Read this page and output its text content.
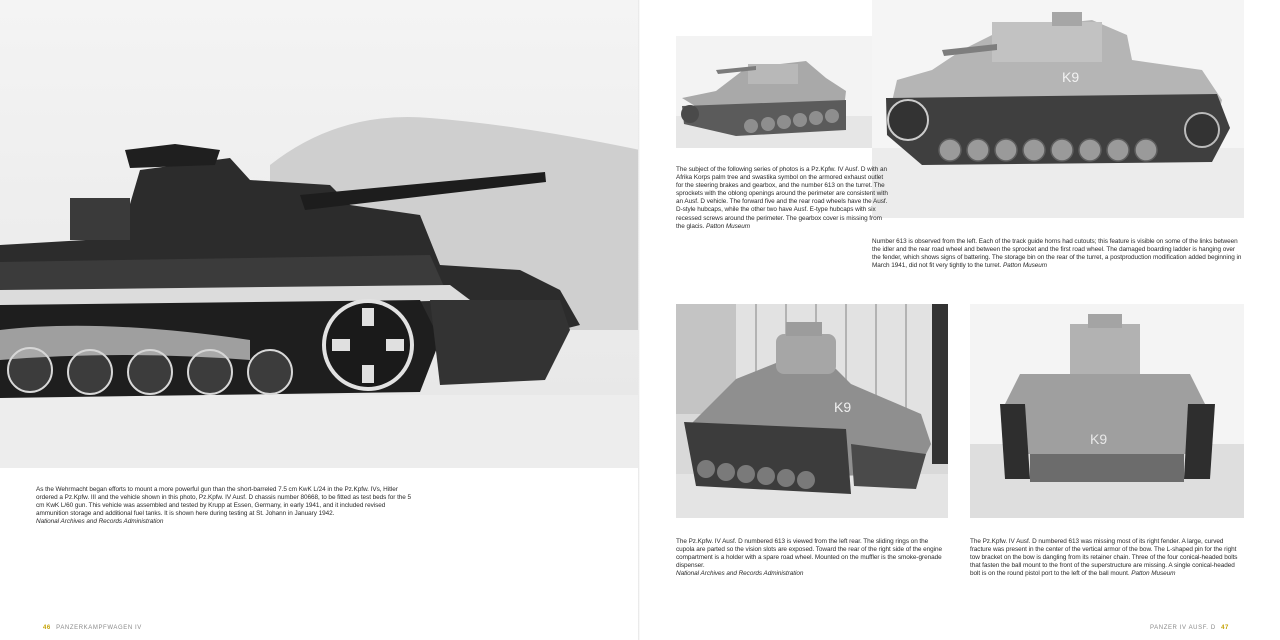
As the Wehrmacht began efforts to mount a more powerful gun than the short-barreled 7.5 cm KwK L/24 in the Pz.Kpfw. IVs, Hitler ordered a Pz.Kpfw. III and the vehicle shown in this photo, Pz.Kpfw. IV Ausf. D chassis number 80668, to be fitted as test beds for the 5 cm KwK L/60 gun. This vehicle was assembled and tested by Krupp at Essen, Germany, in early 1941, and it included revised ammunition storage and additional fuel tanks. It is shown here during testing at St. Johann in January 1942.
National Archives and Records Administration
46 PANZERKAMPFWAGEN IV
K9
The subject of the following series of photos is a Pz.Kpfw. IV Ausf. D with an Afrika Korps palm tree and swastika symbol on the armored exhaust outlet for the steering brakes and gearbox, and the number 613 on the turret. The sprockets with the oblong openings around the perimeter are consistent with an Ausf. D vehicle. The forward five and the rear road wheels have the Ausf. D-style hubcaps, while the other two have Ausf. E-type hubcaps with six recessed screws around the perimeter. The gearbox cover is missing from the glacis. Patton Museum
Number 613 is observed from the left. Each of the track guide horns had cutouts; this feature is visible on some of the links between the idler and the rear road wheel and between the sprocket and the first road wheel. The damaged boarding ladder is hanging over the fender, which shows signs of battering. The storage bin on the rear of the turret, a postproduction modification added beginning in March 1941, did not fit very tightly to the turret. Patton Museum
K9
K9
The Pz.Kpfw. IV Ausf. D numbered 613 is viewed from the left rear. The sliding rings on the cupola are parted so the vision slots are exposed. Toward the rear of the right side of the engine compartment is a holder with a spare road wheel. Mounted on the muffler is the smoke-grenade dispenser.
National Archives and Records Administration
The Pz.Kpfw. IV Ausf. D numbered 613 was missing most of its right fender. A large, curved fracture was present in the center of the vertical armor of the bow. The L-shaped pin for the right tow bracket on the bow is dangling from its retainer chain. Three of the four conical-headed bolts that fasten the ball mount to the front of the superstructure are missing. A single conical-headed bolt is on the round pistol port to the left of the ball mount. Patton Museum
PANZER IV AUSF. D 47
